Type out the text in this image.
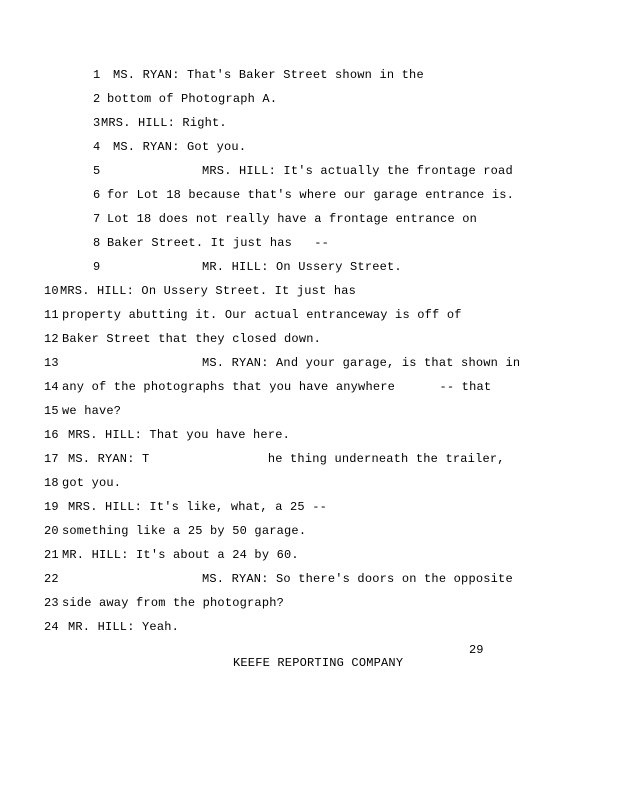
1

MS. RYAN: That's Baker Street shown in the

2

bottom of Photograph A.

3

MRS. HILL: Right.

4

MS. RYAN: Got you.

5

	MRS. HILL: It's actually the frontage road

6

for Lot 18 because that's where our garage entrance is.

7

Lot 18 does not really have a frontage entrance on

8

Baker Street. It just has   --

9

	MR. HILL: On Ussery Street.

10

MRS. HILL: On Ussery Street. It just has

11

property abutting it. Our actual entranceway is off of

12

Baker Street that they closed down.

13

	MS. RYAN: And your garage, is that shown in

14

any of the photographs that you have anywhere      -- that

15

we have?

16

MRS. HILL: That you have here.

17

MS. RYAN: T                he thing underneath the trailer,

18

got you.

19

MRS. HILL: It's like, what, a 25 --

20

something like a 25 by 50 garage.

21

MR. HILL: It's about a 24 by 60.

22

	MS. RYAN: So there's doors on the opposite

23

side away from the photograph?

24

MR. HILL: Yeah.

29
KEEFE REPORTING COMPANY
